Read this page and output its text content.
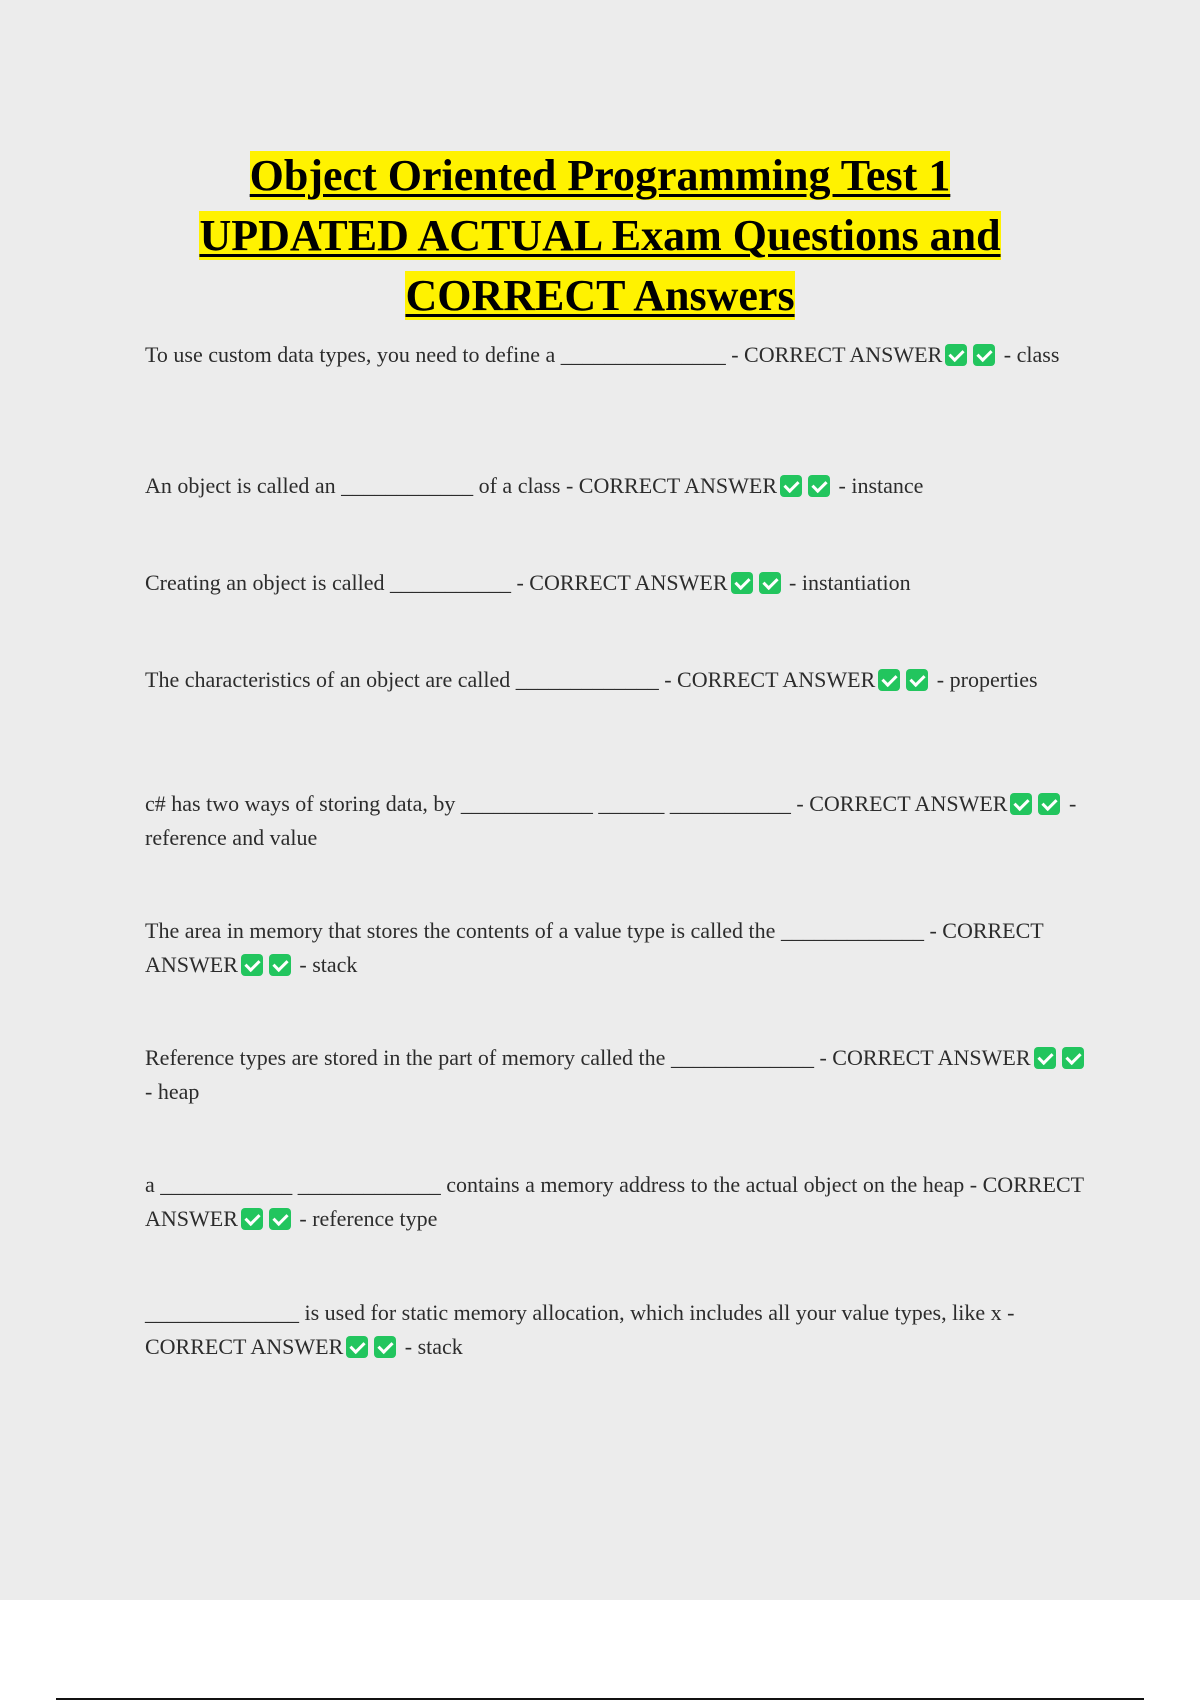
Object Oriented Programming Test 1
UPDATED ACTUAL Exam Questions and
CORRECT Answers

To use custom data types, you need to define a _______________ - CORRECT ANSWER	- class

An object is called an ____________ of a class - CORRECT ANSWER	- instance

Creating an object is called ___________ - CORRECT ANSWER	- instantiation

The characteristics of an object are called _____________ - CORRECT ANSWER	- properties

c# has two ways of storing data, by ____________ ______ ___________ - CORRECT ANSWER	- reference and value

The area in memory that stores the contents of a value type is called the _____________ - CORRECT ANSWER	- stack

Reference types are stored in the part of memory called the _____________ - CORRECT ANSWER - heap

a ____________ _____________ contains a memory address to the actual object on the heap - CORRECT ANSWER	- reference type

______________ is used for static memory allocation, which includes all your value types, like x - CORRECT ANSWER	- stack
